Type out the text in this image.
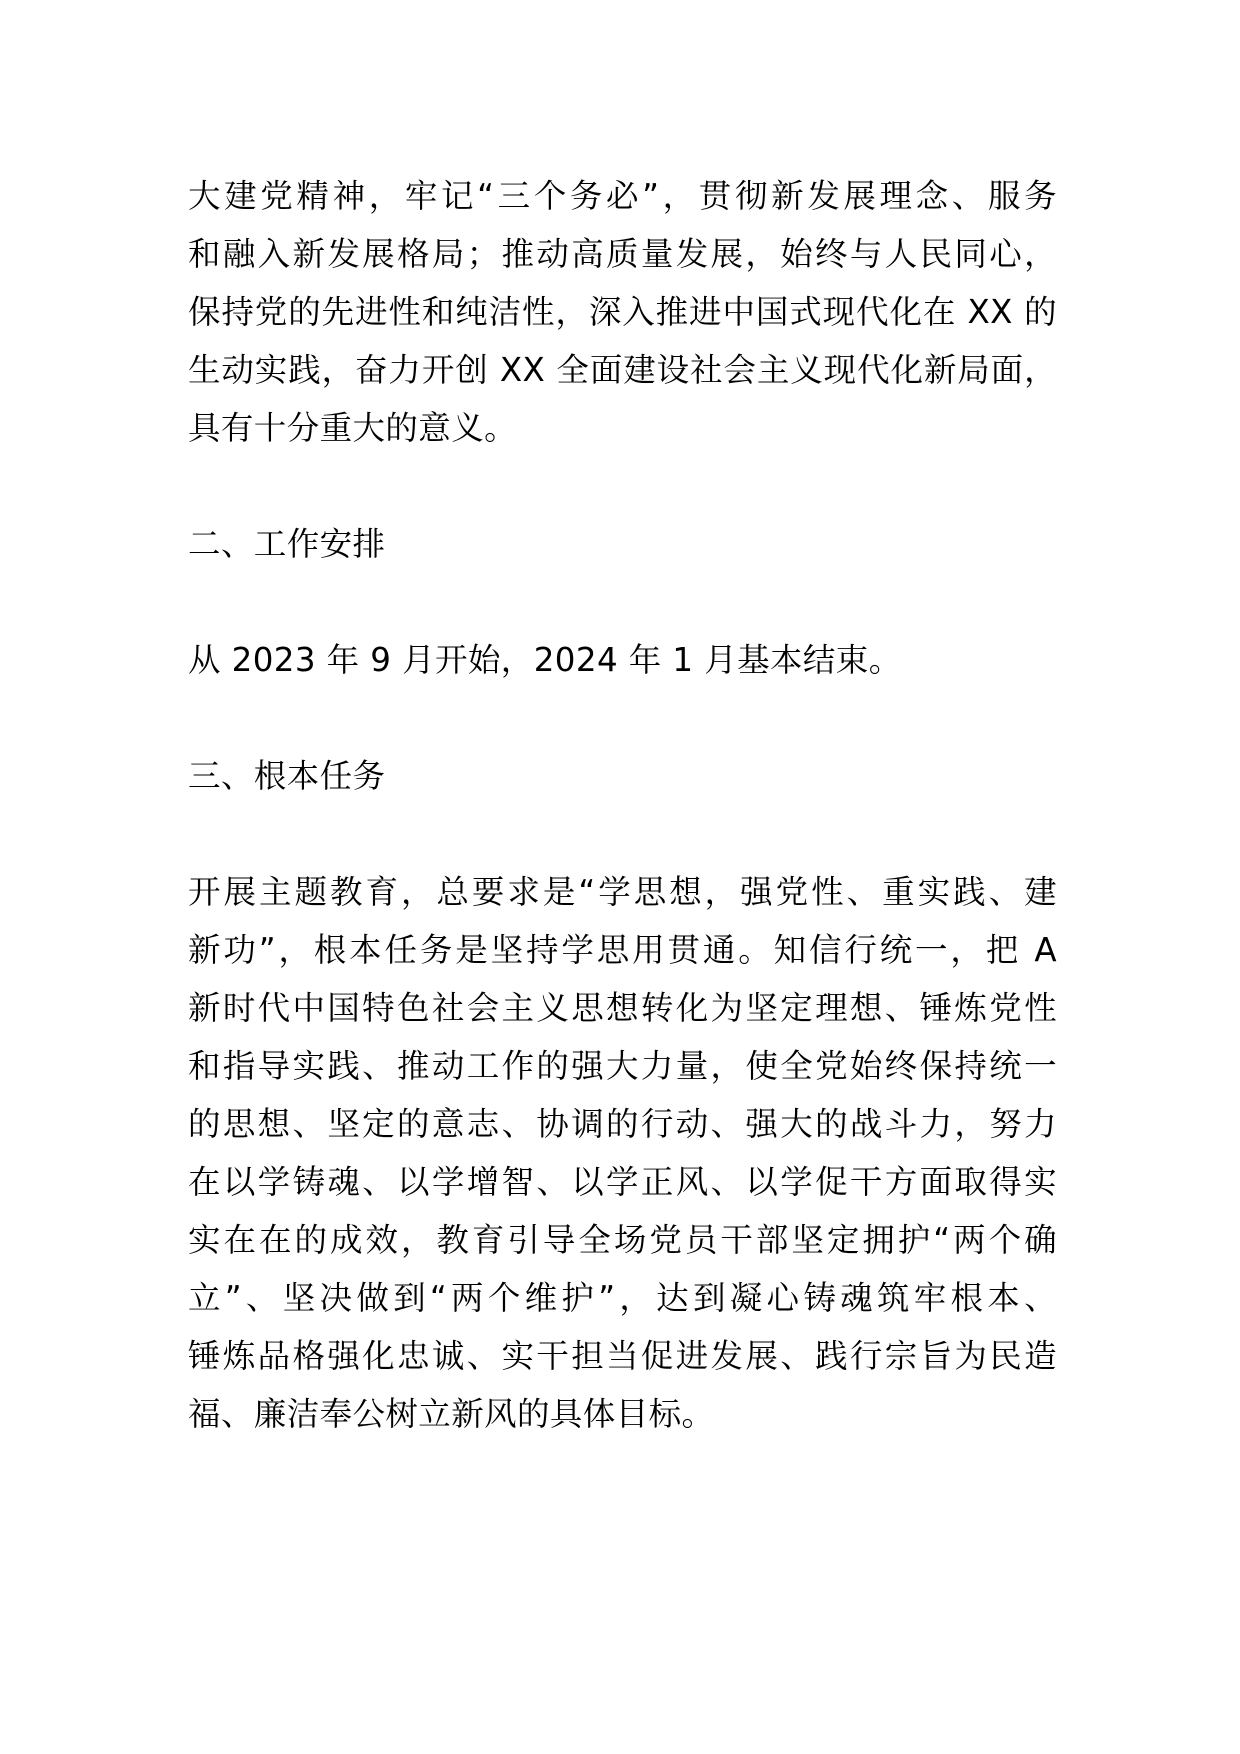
大建党精神，牢记“三个务必”，贯彻新发展理念、服务
和融入新发展格局；推动高质量发展，始终与人民同心，
保持党的先进性和纯洁性，深入推进中国式现代化在 XX 的
生动实践，奋力开创 XX 全面建设社会主义现代化新局面，
具有十分重大的意义。
二、工作安排
从 2023 年 9 月开始，2024 年 1 月基本结束。
三、根本任务
开展主题教育，总要求是“学思想，强党性、重实践、建
新功”，根本任务是坚持学思用贯通。知信行统一，把 A
新时代中国特色社会主义思想转化为坚定理想、锤炼党性
和指导实践、推动工作的强大力量，使全党始终保持统一
的思想、坚定的意志、协调的行动、强大的战斗力，努力
在以学铸魂、以学增智、以学正风、以学促干方面取得实
实在在的成效，教育引导全场党员干部坚定拥护“两个确
立”、坚决做到“两个维护”，达到凝心铸魂筑牢根本、
锤炼品格强化忠诚、实干担当促进发展、践行宗旨为民造
福、廉洁奉公树立新风的具体目标。
